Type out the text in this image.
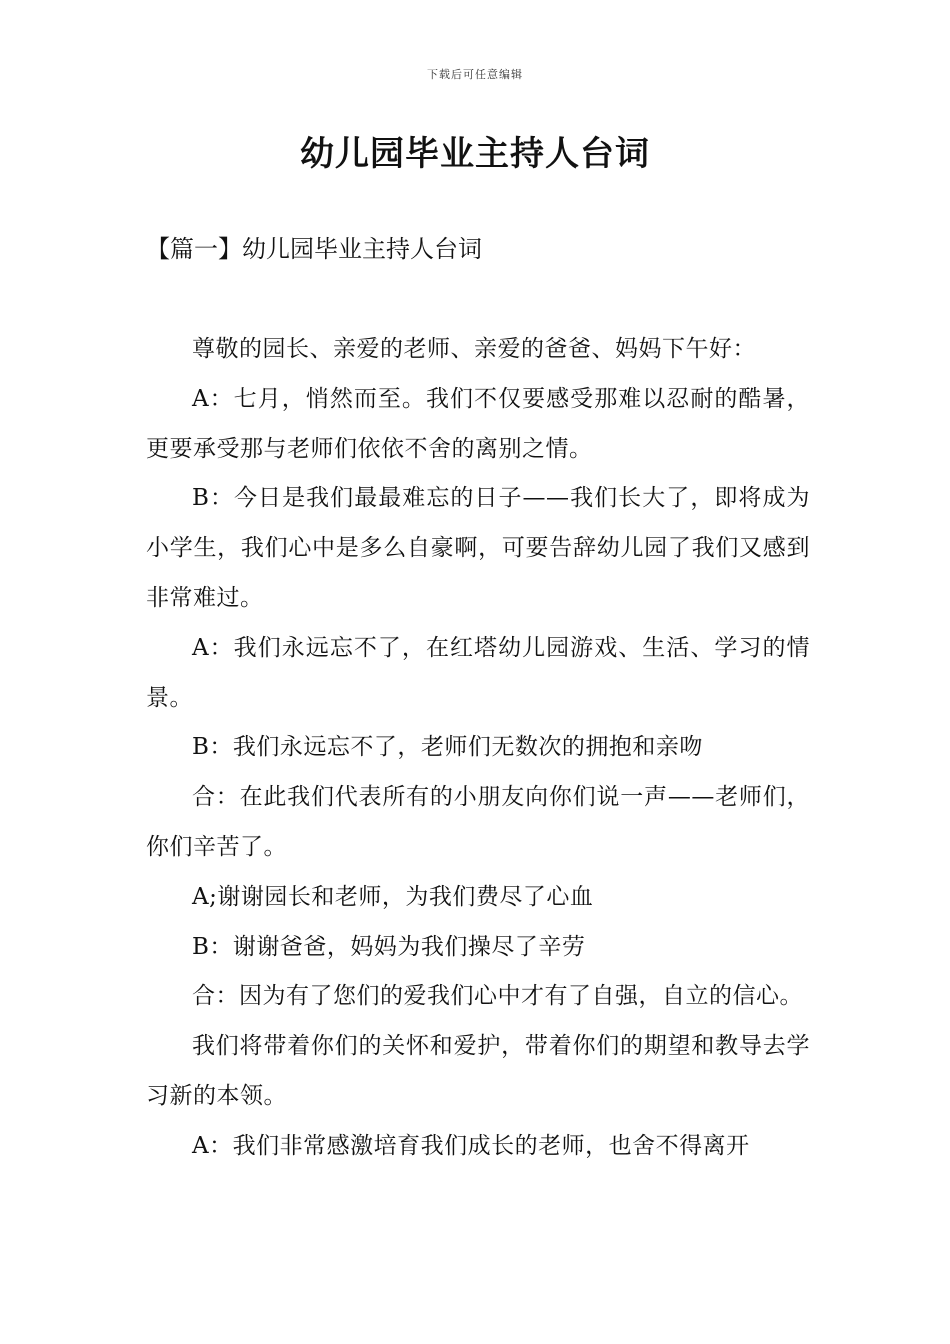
下载后可任意编辑
幼儿园毕业主持人台词
【篇一】幼儿园毕业主持人台词

尊敬的园长、亲爱的老师、亲爱的爸爸、妈妈下午好：

A：七月，悄然而至。我们不仅要感受那难以忍耐的酷暑，更要承受那与老师们依依不舍的离别之情。

B：今日是我们最最难忘的日子——我们长大了，即将成为小学生，我们心中是多么自豪啊，可要告辞幼儿园了我们又感到非常难过。

A：我们永远忘不了，在红塔幼儿园游戏、生活、学习的情景。

B：我们永远忘不了，老师们无数次的拥抱和亲吻

合：在此我们代表所有的小朋友向你们说一声——老师们，你们辛苦了。

A;谢谢园长和老师，为我们费尽了心血

B：谢谢爸爸，妈妈为我们操尽了辛劳

合：因为有了您们的爱我们心中才有了自强，自立的信心。

我们将带着你们的关怀和爱护，带着你们的期望和教导去学习新的本领。

A：我们非常感激培育我们成长的老师，也舍不得离开
